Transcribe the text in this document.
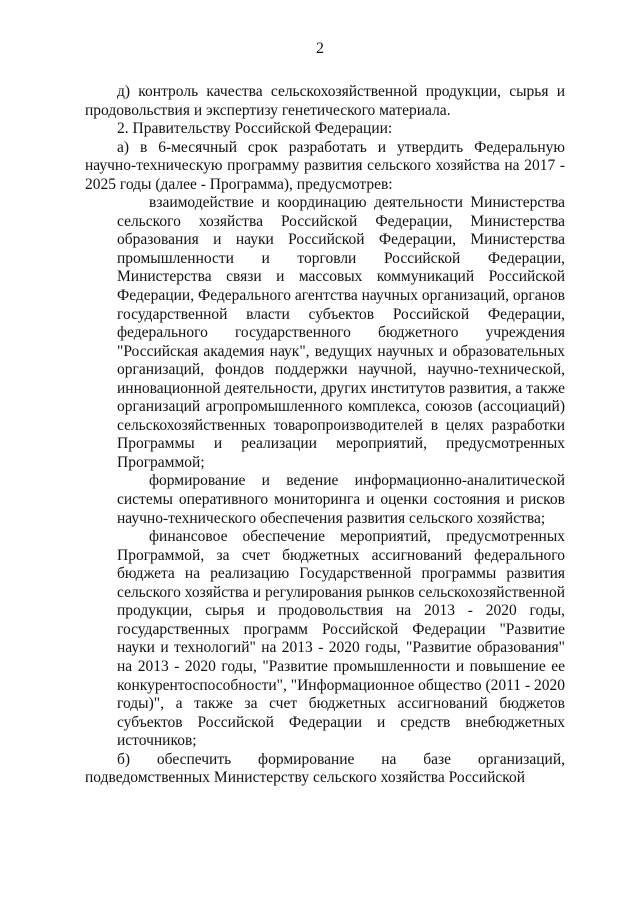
2

д) контроль качества сельскохозяйственной продукции, сырья и продовольствия и экспертизу генетического материала.

2. Правительству Российской Федерации:

а) в 6-месячный срок разработать и утвердить Федеральную научно-техническую программу развития сельского хозяйства на 2017 - 2025 годы (далее - Программа), предусмотрев:

взаимодействие и координацию деятельности Министерства сельского хозяйства Российской Федерации, Министерства образования и науки Российской Федерации, Министерства промышленности и торговли Российской Федерации, Министерства связи и массовых коммуникаций Российской Федерации, Федерального агентства научных организаций, органов государственной власти субъектов Российской Федерации, федерального государственного бюджетного учреждения "Российская академия наук", ведущих научных и образовательных организаций, фондов поддержки научной, научно-технической, инновационной деятельности, других институтов развития, а также организаций агропромышленного комплекса, союзов (ассоциаций) сельскохозяйственных товаропроизводителей в целях разработки Программы и реализации мероприятий, предусмотренных Программой;

формирование и ведение информационно-аналитической системы оперативного мониторинга и оценки состояния и рисков научно-технического обеспечения развития сельского хозяйства;

финансовое обеспечение мероприятий, предусмотренных Программой, за счет бюджетных ассигнований федерального бюджета на реализацию Государственной программы развития сельского хозяйства и регулирования рынков сельскохозяйственной продукции, сырья и продовольствия на 2013 - 2020 годы, государственных программ Российской Федерации "Развитие науки и технологий" на 2013 - 2020 годы, "Развитие образования" на 2013 - 2020 годы, "Развитие промышленности и повышение ее конкурентоспособности", "Информационное общество (2011 - 2020 годы)", а также за счет бюджетных ассигнований бюджетов субъектов Российской Федерации и средств внебюджетных источников;

б) обеспечить формирование на базе организаций, подведомственных Министерству сельского хозяйства Российской
